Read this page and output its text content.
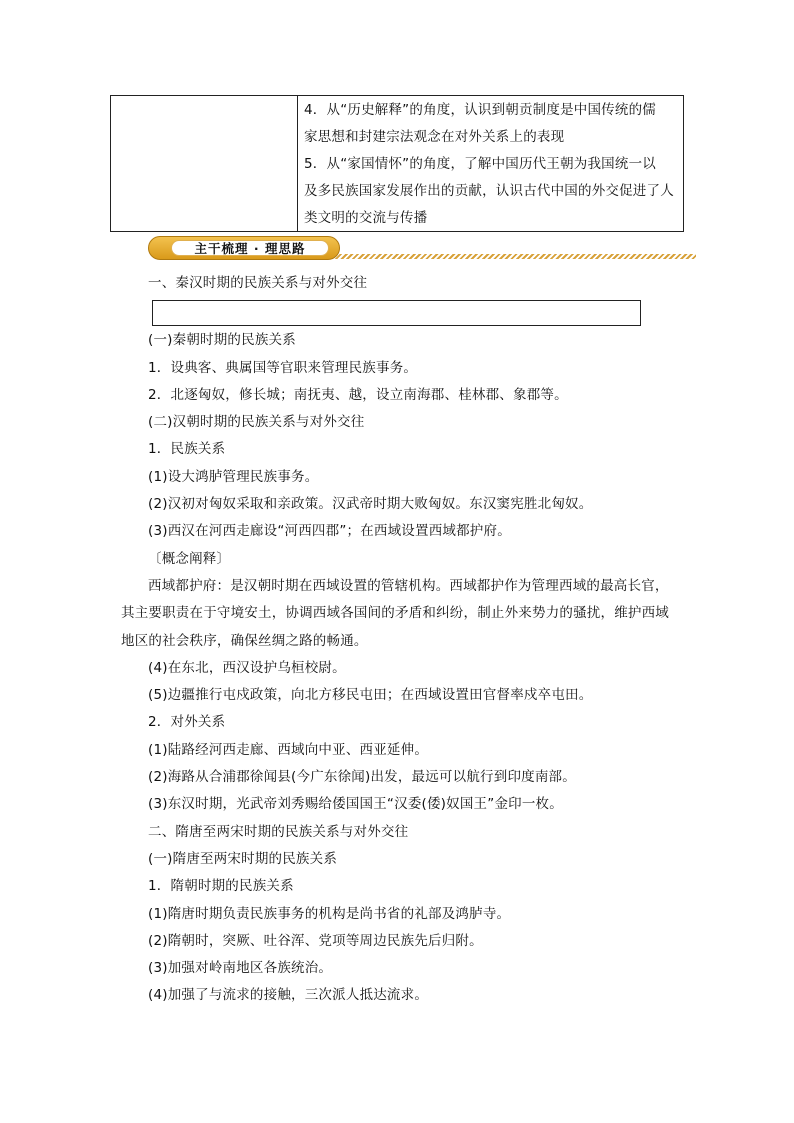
4．从“历史解释”的角度，认识到朝贡制度是中国传统的儒

家思想和封建宗法观念在对外关系上的表现

5．从“家国情怀”的角度，了解中国历代王朝为我国统一以

及多民族国家发展作出的贡献，认识古代中国的外交促进了人

类文明的交流与传播

主干梳理 · 理思路

一、秦汉时期的民族关系与对外交往

(一)秦朝时期的民族关系

1．设典客、典属国等官职来管理民族事务。

2．北逐匈奴，修长城；南抚夷、越，设立南海郡、桂林郡、象郡等。

(二)汉朝时期的民族关系与对外交往

1．民族关系

(1)设大鸿胪管理民族事务。

(2)汉初对匈奴采取和亲政策。汉武帝时期大败匈奴。东汉窦宪胜北匈奴。

(3)西汉在河西走廊设“河西四郡”；在西域设置西域都护府。

〔概念阐释〕

西域都护府：是汉朝时期在西域设置的管辖机构。西域都护作为管理西域的最高长官，其主要职责在于守境安土，协调西域各国间的矛盾和纠纷，制止外来势力的骚扰，维护西域地区的社会秩序，确保丝绸之路的畅通。

(4)在东北，西汉设护乌桓校尉。

(5)边疆推行屯戍政策，向北方移民屯田；在西域设置田官督率戍卒屯田。

2．对外关系

(1)陆路经河西走廊、西域向中亚、西亚延伸。

(2)海路从合浦郡徐闻县(今广东徐闻)出发，最远可以航行到印度南部。

(3)东汉时期，光武帝刘秀赐给倭国国王“汉委(倭)奴国王”金印一枚。

二、隋唐至两宋时期的民族关系与对外交往

(一)隋唐至两宋时期的民族关系

1．隋朝时期的民族关系

(1)隋唐时期负责民族事务的机构是尚书省的礼部及鸿胪寺。

(2)隋朝时，突厥、吐谷浑、党项等周边民族先后归附。

(3)加强对岭南地区各族统治。

(4)加强了与流求的接触，三次派人抵达流求。
